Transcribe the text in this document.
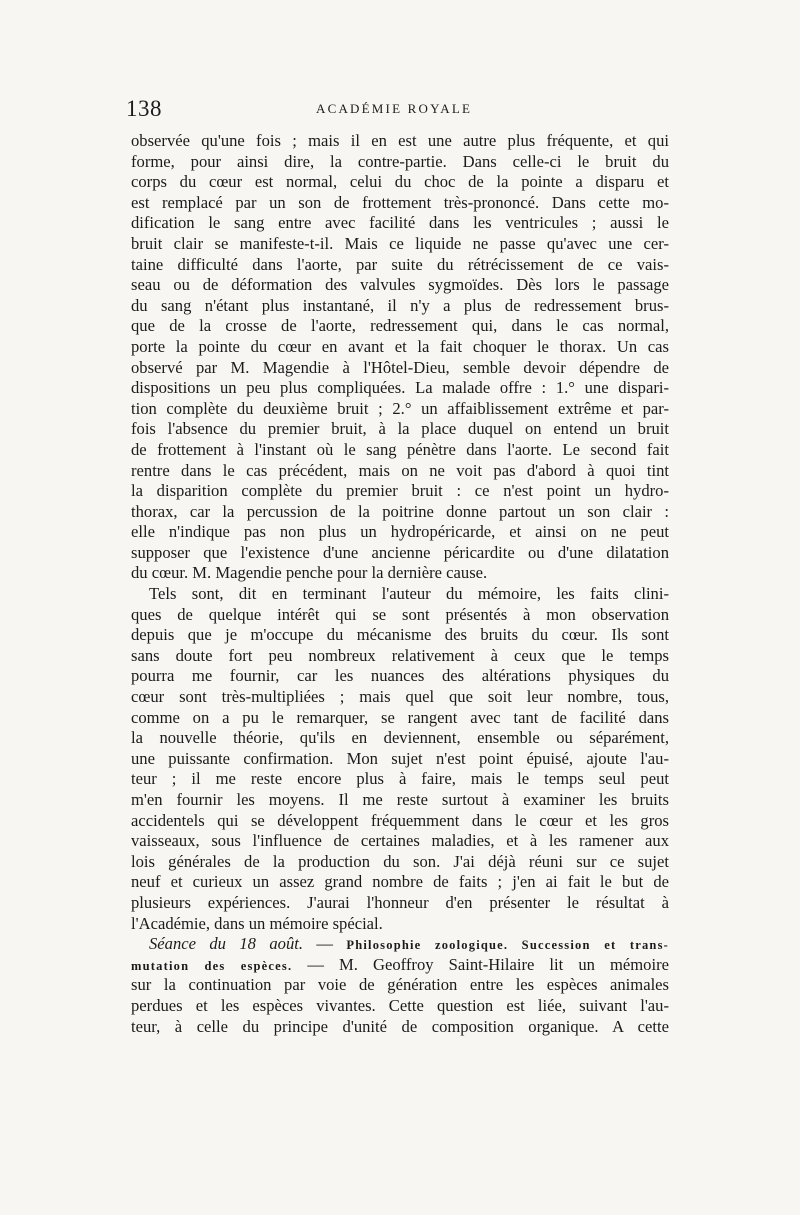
138	ACADÉMIE ROYALE
observée qu'une fois ; mais il en est une autre plus fréquente, et qui
forme, pour ainsi dire, la contre-partie. Dans celle-ci le bruit du
corps du cœur est normal, celui du choc de la pointe a disparu et
est remplacé par un son de frottement très-prononcé. Dans cette mo-
dification le sang entre avec facilité dans les ventricules ; aussi le
bruit clair se manifeste-t-il. Mais ce liquide ne passe qu'avec une cer-
taine difficulté dans l'aorte, par suite du rétrécissement de ce vais-
seau ou de déformation des valvules sygmoïdes. Dès lors le passage
du sang n'étant plus instantané, il n'y a plus de redressement brus-
que de la crosse de l'aorte, redressement qui, dans le cas normal,
porte la pointe du cœur en avant et la fait choquer le thorax. Un cas
observé par M. Magendie à l'Hôtel-Dieu, semble devoir dépendre de
dispositions un peu plus compliquées. La malade offre : 1.° une dispari-
tion complète du deuxième bruit ; 2.° un affaiblissement extrême et par-
fois l'absence du premier bruit, à la place duquel on entend un bruit
de frottement à l'instant où le sang pénètre dans l'aorte. Le second fait
rentre dans le cas précédent, mais on ne voit pas d'abord à quoi tint
la disparition complète du premier bruit : ce n'est point un hydro-
thorax, car la percussion de la poitrine donne partout un son clair :
elle n'indique pas non plus un hydropéricarde, et ainsi on ne peut
supposer que l'existence d'une ancienne péricardite ou d'une dilatation
du cœur. M. Magendie penche pour la dernière cause.
Tels sont, dit en terminant l'auteur du mémoire, les faits clini-
ques de quelque intérêt qui se sont présentés à mon observation
depuis que je m'occupe du mécanisme des bruits du cœur. Ils sont
sans doute fort peu nombreux relativement à ceux que le temps
pourra me fournir, car les nuances des altérations physiques du
cœur sont très-multipliées ; mais quel que soit leur nombre, tous,
comme on a pu le remarquer, se rangent avec tant de facilité dans
la nouvelle théorie, qu'ils en deviennent, ensemble ou séparément,
une puissante confirmation. Mon sujet n'est point épuisé, ajoute l'au-
teur ; il me reste encore plus à faire, mais le temps seul peut
m'en fournir les moyens. Il me reste surtout à examiner les bruits
accidentels qui se développent fréquemment dans le cœur et les gros
vaisseaux, sous l'influence de certaines maladies, et à les ramener aux
lois générales de la production du son. J'ai déjà réuni sur ce sujet
neuf et curieux un assez grand nombre de faits ; j'en ai fait le but de
plusieurs expériences. J'aurai l'honneur d'en présenter le résultat à
l'Académie, dans un mémoire spécial.
Séance du 18 août. — Philosophie zoologique. Succession et trans-
mutation des espèces. — M. Geoffroy Saint-Hilaire lit un mémoire
sur la continuation par voie de génération entre les espèces animales
perdues et les espèces vivantes. Cette question est liée, suivant l'au-
teur, à celle du principe d'unité de composition organique. A cette
